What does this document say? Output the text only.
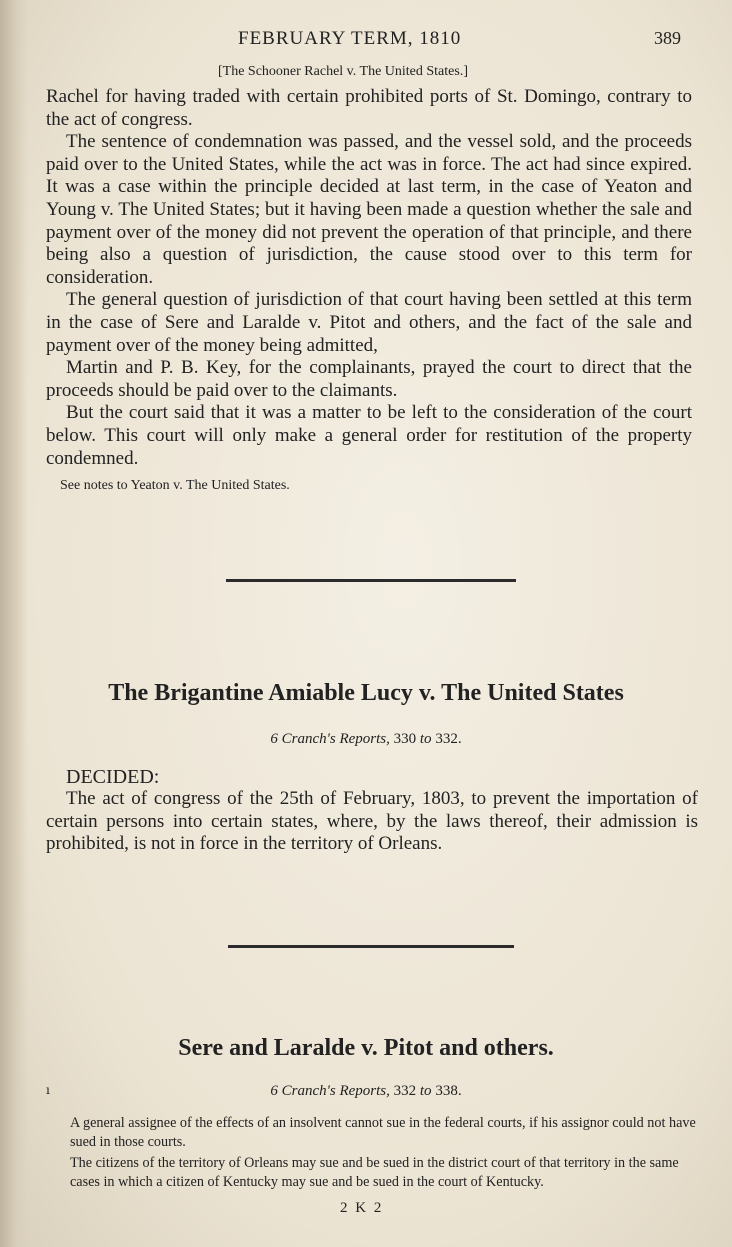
FEBRUARY TERM, 1810	389
[The Schooner Rachel v. The United States.]

Rachel for having traded with certain prohibited ports of St. Domingo, contrary to the act of congress.

The sentence of condemnation was passed, and the vessel sold, and the proceeds paid over to the United States, while the act was in force. The act had since expired. It was a case within the principle decided at last term, in the case of Yeaton and Young v. The United States; but it having been made a question whether the sale and payment over of the money did not prevent the operation of that principle, and there being also a question of jurisdiction, the cause stood over to this term for consideration.

The general question of jurisdiction of that court having been settled at this term in the case of Sere and Laralde v. Pitot and others, and the fact of the sale and payment over of the money being admitted,

Martin and P. B. Key, for the complainants, prayed the court to direct that the proceeds should be paid over to the claimants.

But the court said that it was a matter to be left to the consideration of the court below. This court will only make a general order for restitution of the property condemned.

See notes to Yeaton v. The United States.
The Brigantine Amiable Lucy v. The United States
6 Cranch's Reports, 330 to 332.
DECIDED:

The act of congress of the 25th of February, 1803, to prevent the importation of certain persons into certain states, where, by the laws thereof, their admission is prohibited, is not in force in the territory of Orleans.

Sere and Laralde v. Pitot and others.
ı	6 Cranch's Reports, 332 to 338.

A general assignee of the effects of an insolvent cannot sue in the federal courts, if his assignor could not have sued in those courts.

The citizens of the territory of Orleans may sue and be sued in the district court of that territory in the same cases in which a citizen of Kentucky may sue and be sued in the court of Kentucky.

2 K 2
